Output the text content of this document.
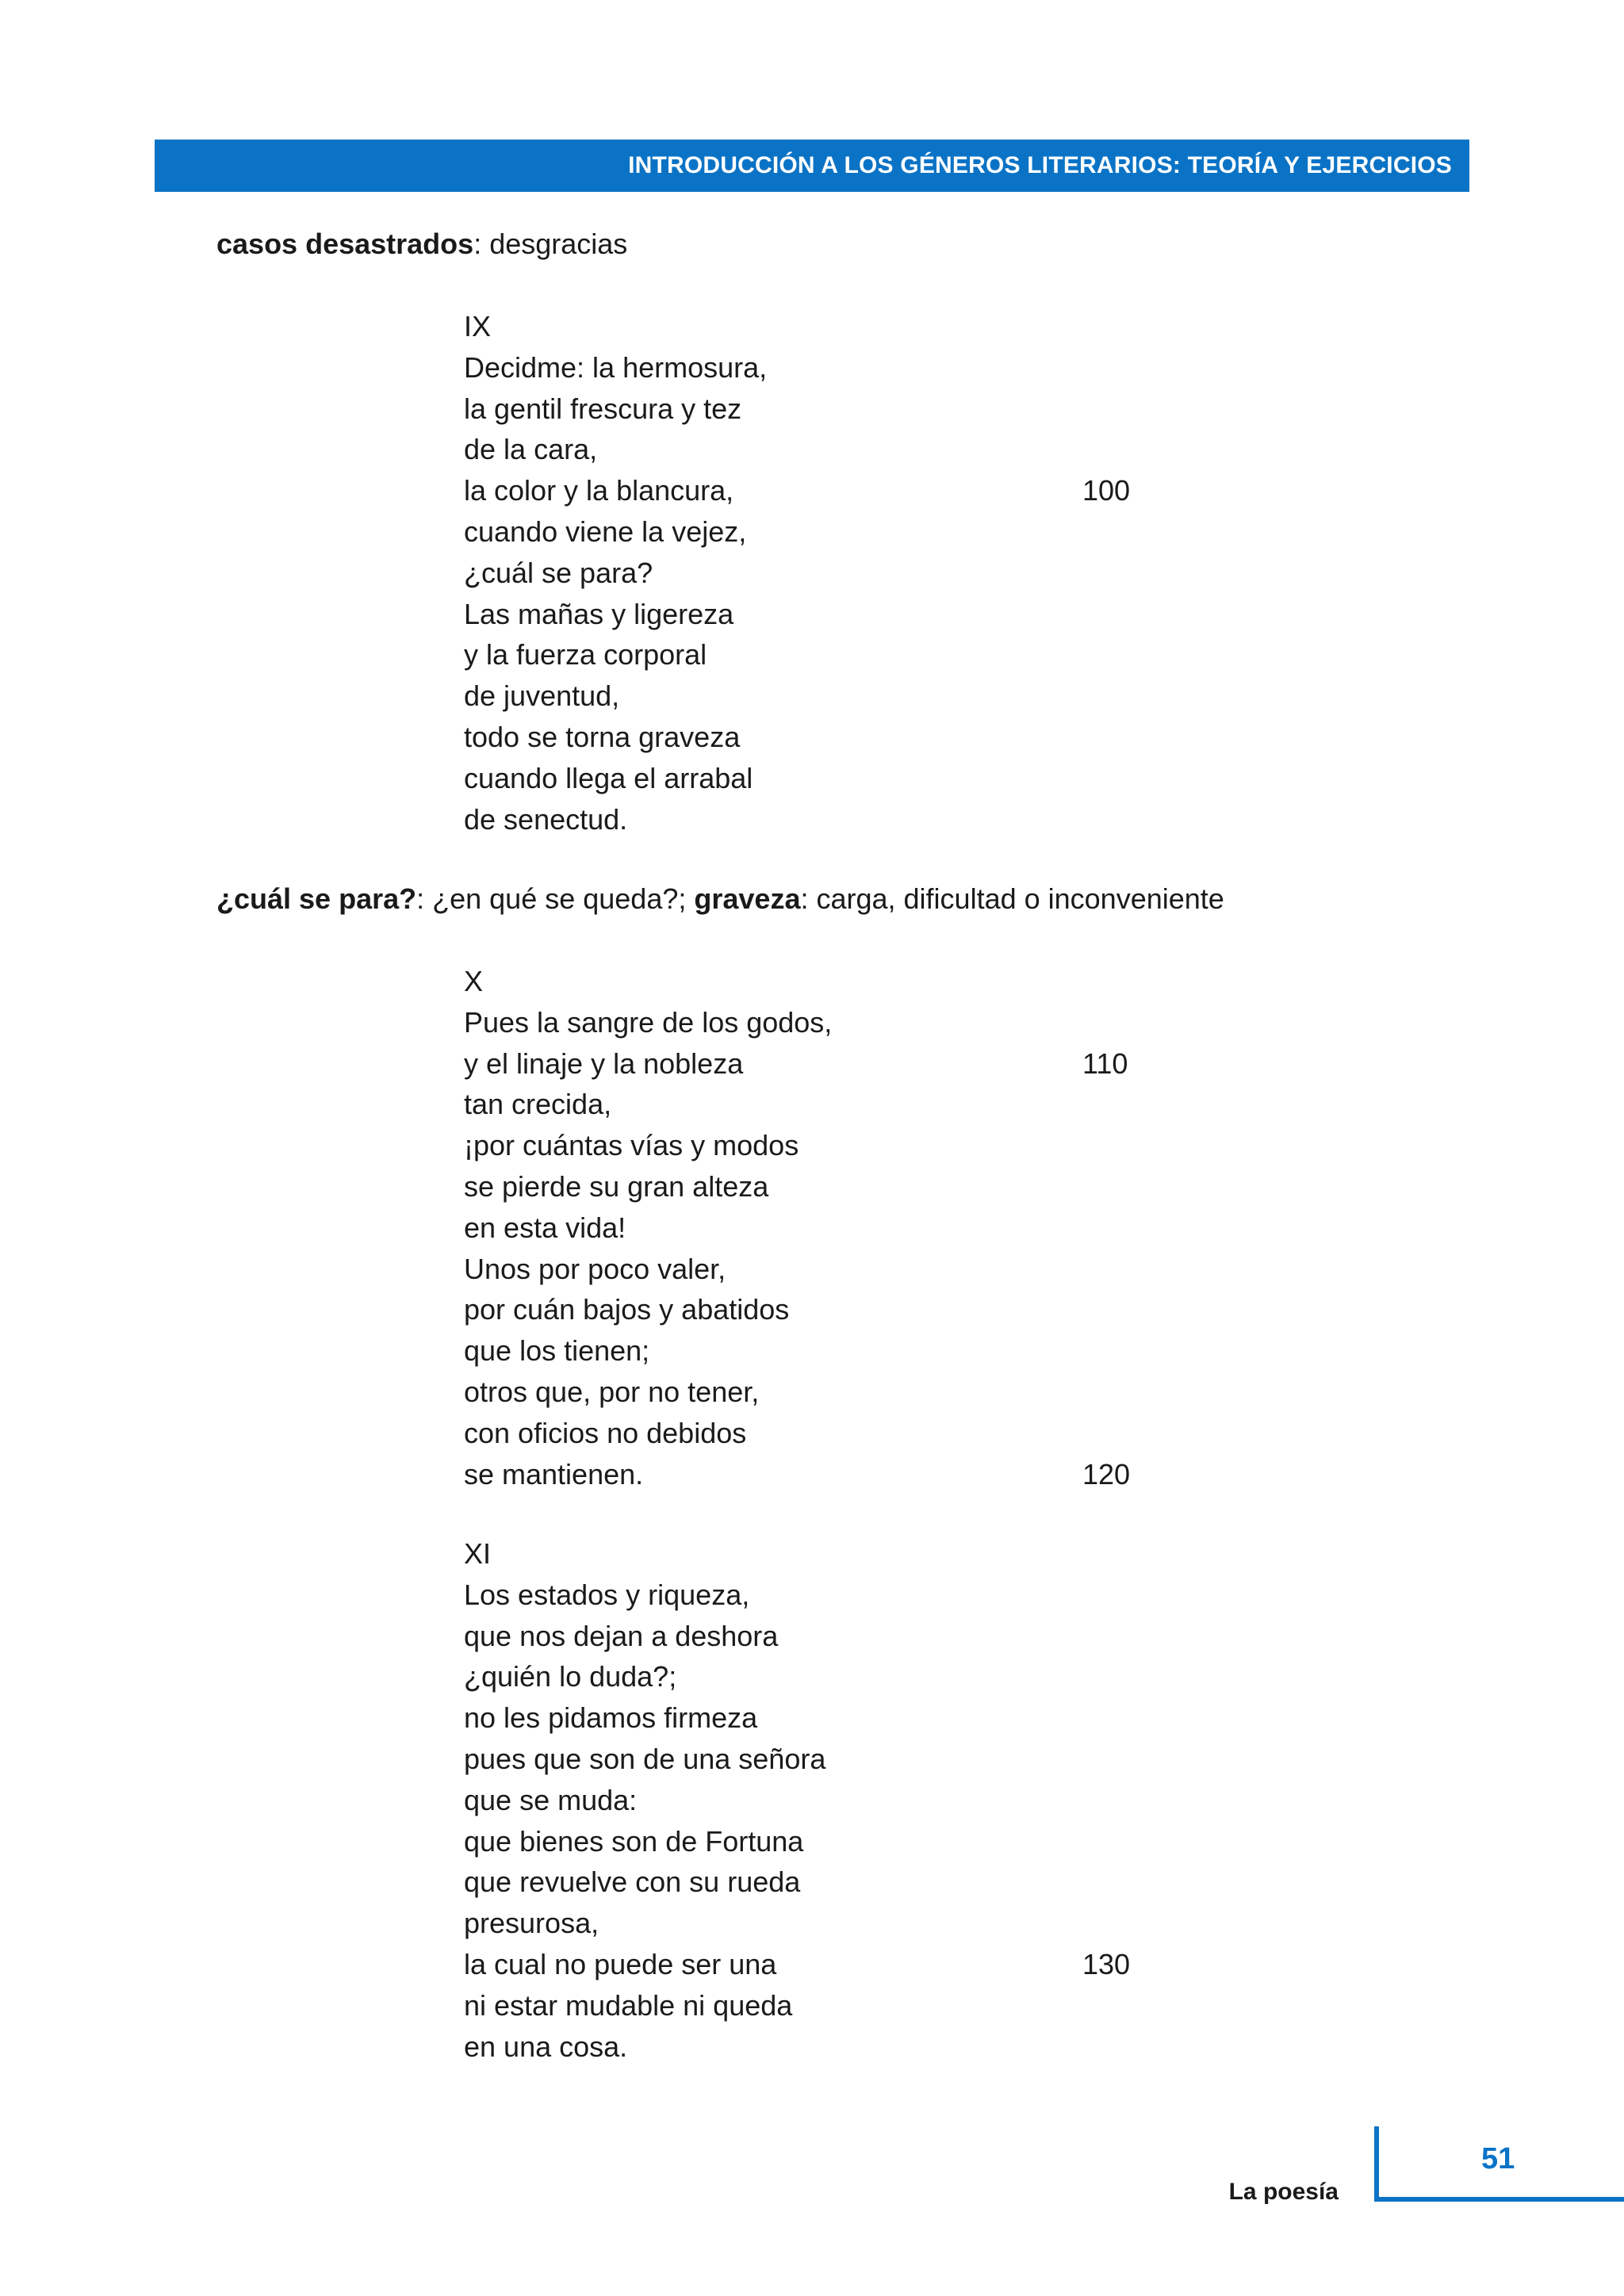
INTRODUCCIÓN A LOS GÉNEROS LITERARIOS: TEORÍA Y EJERCICIOS
casos desastrados: desgracias
IX
Decidme: la hermosura,
la gentil frescura y tez
de la cara,
la color y la blancura,	100
cuando viene la vejez,
¿cuál se para?
Las mañas y ligereza
y la fuerza corporal
de juventud,
todo se torna graveza
cuando llega el arrabal
de senectud.
¿cuál se para?: ¿en qué se queda?; graveza: carga, dificultad o inconveniente
X
Pues la sangre de los godos,
y el linaje y la nobleza	110
tan crecida,
¡por cuántas vías y modos
se pierde su gran alteza
en esta vida!
Unos por poco valer,
por cuán bajos y abatidos
que los tienen;
otros que, por no tener,
con oficios no debidos
se mantienen.	120
XI
Los estados y riqueza,
que nos dejan a deshora
¿quién lo duda?;
no les pidamos firmeza
pues que son de una señora
que se muda:
que bienes son de Fortuna
que revuelve con su rueda
presurosa,
la cual no puede ser una	130
ni estar mudable ni queda
en una cosa.
51
La poesía
